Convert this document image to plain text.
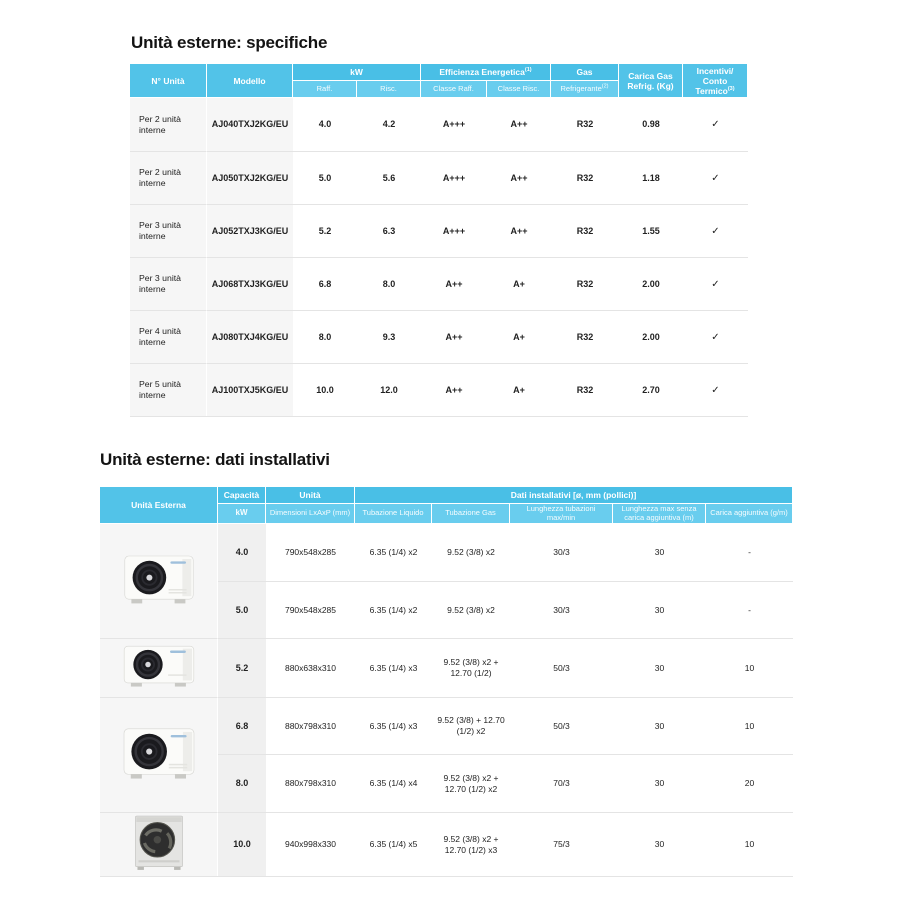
Unità esterne: specifiche
N° Unità	Modello	kW		Efficienza Energetica$^{(1)}$		Gas	Carica Gas
Refrig. (Kg)	Incentivi/
Conto Termico$^{(3)}$

		Raff.	Risc.	Classe Raff.	Classe Risc.	Refrigerante$^{(2)}$
Per 2 unità interne	AJ040TXJ2KG/EU	4.0	4.2	A+++	A++	R32	0.98	✓
Per 2 unità interne	AJ050TXJ2KG/EU	5.0	5.6	A+++	A++	R32	1.18	✓
Per 3 unità interne	AJ052TXJ3KG/EU	5.2	6.3	A+++	A++	R32	1.55	✓
Per 3 unità interne	AJ068TXJ3KG/EU	6.8	8.0	A++	A+	R32	2.00	✓
Per 4 unità interne	AJ080TXJ4KG/EU	8.0	9.3	A++	A+	R32	2.00	✓
Per 5 unità interne	AJ100TXJ5KG/EU	10.0	12.0	A++	A+	R32	2.70	✓
Unità esterne: dati installativi
Unità Esterna	Capacità	Unità	Dati installativi [ø, mm (pollici)]				
	kW	Dimensioni LxAxP (mm)	Tubazione Liquido	Tubazione Gas	Lunghezza tubazioni max/min	Lunghezza max senza carica aggiuntiva (m)	Carica aggiuntiva (g/m)
	4.0	790x548x285	6.35 (1/4) x2	9.52 (3/8) x2	30/3	30	-
	5.0	790x548x285	6.35 (1/4) x2	9.52 (3/8) x2	30/3	30	-
	5.2	880x638x310	6.35 (1/4) x3	9.52 (3/8) x2 + 12.70 (1/2)	50/3	30	10
	6.8	880x798x310	6.35 (1/4) x3	9.52 (3/8) + 12.70 (1/2) x2	50/3	30	10
	8.0	880x798x310	6.35 (1/4) x4	9.52 (3/8) x2 + 12.70 (1/2) x2	70/3	30	20
	10.0	940x998x330	6.35 (1/4) x5	9.52 (3/8) x2 + 12.70 (1/2) x3	75/3	30	10
